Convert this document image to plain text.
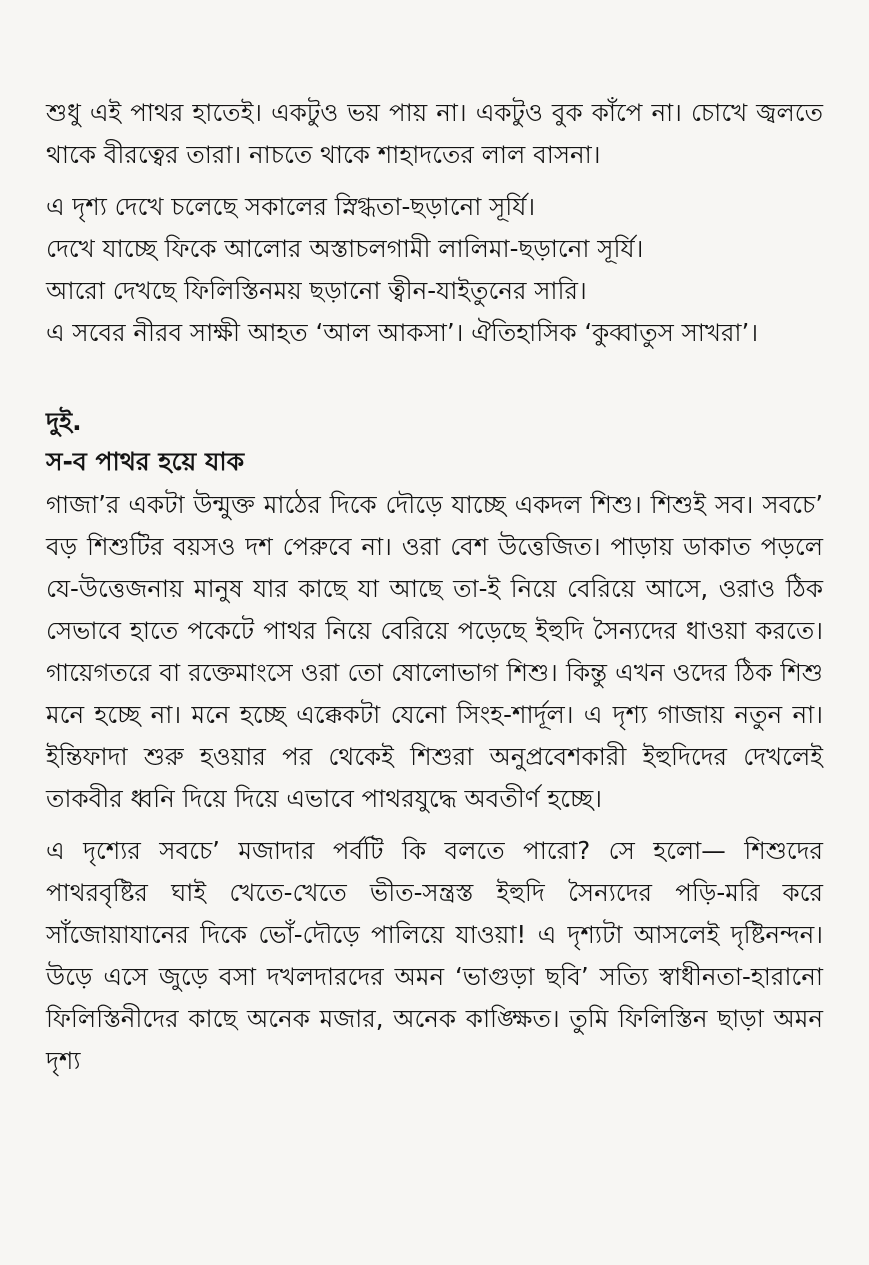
শুধু এই পাথর হাতেই। একটুও ভয় পায় না। একটুও বুক কাঁপে না। চোখে জ্বলতে থাকে বীরত্বের তারা। নাচতে থাকে শাহাদতের লাল বাসনা।

এ দৃশ্য দেখে চলেছে সকালের স্নিগ্ধতা-ছড়ানো সূর্যি।
দেখে যাচ্ছে ফিকে আলোর অস্তাচলগামী লালিমা-ছড়ানো সূর্যি।
আরো দেখছে ফিলিস্তিনময় ছড়ানো ত্বীন-যাইতুনের সারি।
এ সবের নীরব সাক্ষী আহত ‘আল আকসা’। ঐতিহাসিক ‘কুব্বাতুস সাখরা’।

দুই.
স-ব পাথর হয়ে যাক

গাজা’র একটা উন্মুক্ত মাঠের দিকে দৌড়ে যাচ্ছে একদল শিশু। শিশুই সব। সবচে’ বড় শিশুটির বয়সও দশ পেরুবে না। ওরা বেশ উত্তেজিত। পাড়ায় ডাকাত পড়লে যে-উত্তেজনায় মানুষ যার কাছে যা আছে তা-ই নিয়ে বেরিয়ে আসে, ওরাও ঠিক সেভাবে হাতে পকেটে পাথর নিয়ে বেরিয়ে পড়েছে ইহুদি সৈন্যদের ধাওয়া করতে। গায়েগতরে বা রক্তেমাংসে ওরা তো ষোলোভাগ শিশু। কিন্তু এখন ওদের ঠিক শিশু মনে হচ্ছে না। মনে হচ্ছে এক্কেকটা যেনো সিংহ-শার্দূল। এ দৃশ্য গাজায় নতুন না। ইন্তিফাদা শুরু হওয়ার পর থেকেই শিশুরা অনুপ্রবেশকারী ইহুদিদের দেখলেই তাকবীর ধ্বনি দিয়ে দিয়ে এভাবে পাথরযুদ্ধে অবতীর্ণ হচ্ছে।

এ দৃশ্যের সবচে’ মজাদার পর্বটি কি বলতে পারো? সে হলো— শিশুদের পাথরবৃষ্টির ঘাই খেতে-খেতে ভীত-সন্ত্রস্ত ইহুদি সৈন্যদের পড়ি-মরি করে সাঁজোয়াযানের দিকে ভোঁ-দৌড়ে পালিয়ে যাওয়া! এ দৃশ্যটা আসলেই দৃষ্টিনন্দন। উড়ে এসে জুড়ে বসা দখলদারদের অমন ‘ভাগুড়া ছবি’ সত্যি স্বাধীনতা-হারানো ফিলিস্তিনীদের কাছে অনেক মজার, অনেক কাঙ্ক্ষিত। তুমি ফিলিস্তিন ছাড়া অমন দৃশ্য
